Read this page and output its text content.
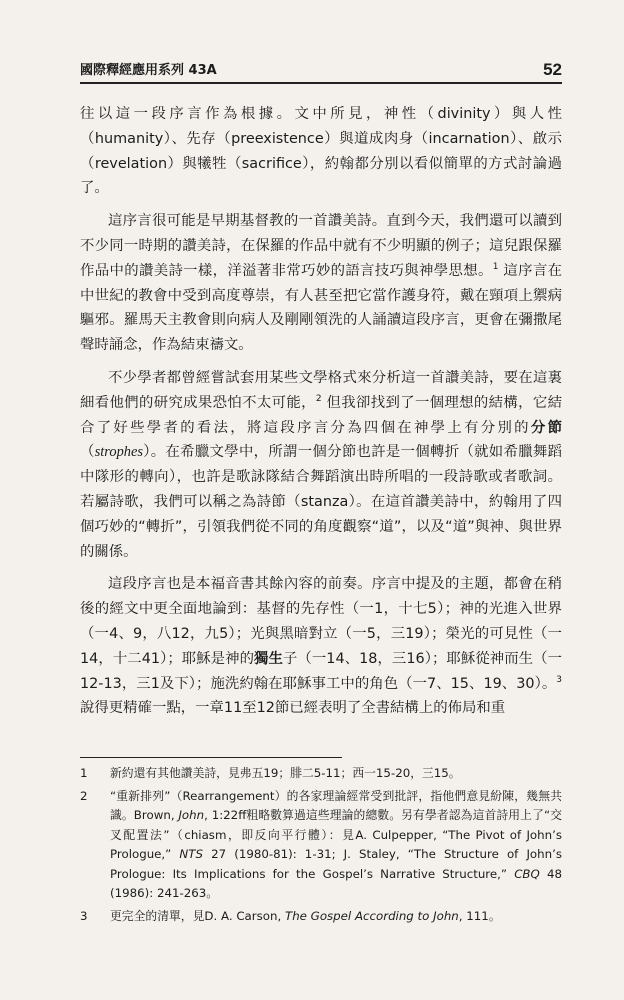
國際釋經應用系列 43A	52

往以這一段序言作為根據。文中所見，神性（divinity）與人性（humanity）、先存（preexistence）與道成肉身（incarnation）、啟示（revelation）與犧牲（sacrifice），約翰都分別以看似簡單的方式討論過了。

這序言很可能是早期基督教的一首讚美詩。直到今天，我們還可以讀到不少同一時期的讚美詩，在保羅的作品中就有不少明顯的例子；這兒跟保羅作品中的讚美詩一樣，洋溢著非常巧妙的語言技巧與神學思想。$^1$ 這序言在中世紀的教會中受到高度尊崇，有人甚至把它當作護身符，戴在頸項上禦病驅邪。羅馬天主教會則向病人及剛剛領洗的人誦讀這段序言，更會在彌撒尾聲時誦念，作為結束禱文。

不少學者都曾經嘗試套用某些文學格式來分析這一首讚美詩，要在這裏細看他們的研究成果恐怕不太可能，$^2$ 但我卻找到了一個理想的結構，它結合了好些學者的看法，將這段序言分為四個在神學上有分別的分節（strophes）。在希臘文學中，所謂一個分節也許是一個轉折（就如希臘舞蹈中隊形的轉向），也許是歌詠隊結合舞蹈演出時所唱的一段詩歌或者歌詞。若屬詩歌，我們可以稱之為詩節（stanza）。在這首讚美詩中，約翰用了四個巧妙的“轉折”，引領我們從不同的角度觀察“道”，以及“道”與神、與世界的關係。

這段序言也是本福音書其餘內容的前奏。序言中提及的主題，都會在稍後的經文中更全面地論到：基督的先存性（一1，十七5）；神的光進入世界（一4、9，八12，九5）；光與黑暗對立（一5，三19）；榮光的可見性（一14，十二41）；耶穌是神的獨生子（一14、18，三16）；耶穌從神而生（一12-13，三1及下）；施洗約翰在耶穌事工中的角色（一7、15、19、30）。$^3$ 說得更精確一點，一章11至12節已經表明了全書結構上的佈局和重

1	新約還有其他讚美詩，見弗五19；腓二5-11；西一15-20，三15。
2	“重新排列”（Rearrangement）的各家理論經常受到批評，指他們意見紛陳，幾無共識。Brown, John, 1:22ff粗略數算過這些理論的總數。另有學者認為這首詩用上了“交叉配置法”（chiasm，即反向平行體）：見A. Culpepper, “The Pivot of John’s Prologue,” NTS 27 (1980-81): 1-31; J. Staley, “The Structure of John’s Prologue: Its Implications for the Gospel’s Narrative Structure,” CBQ 48 (1986): 241-263。
3	更完全的清單，見D. A. Carson, The Gospel According to John, 111。
